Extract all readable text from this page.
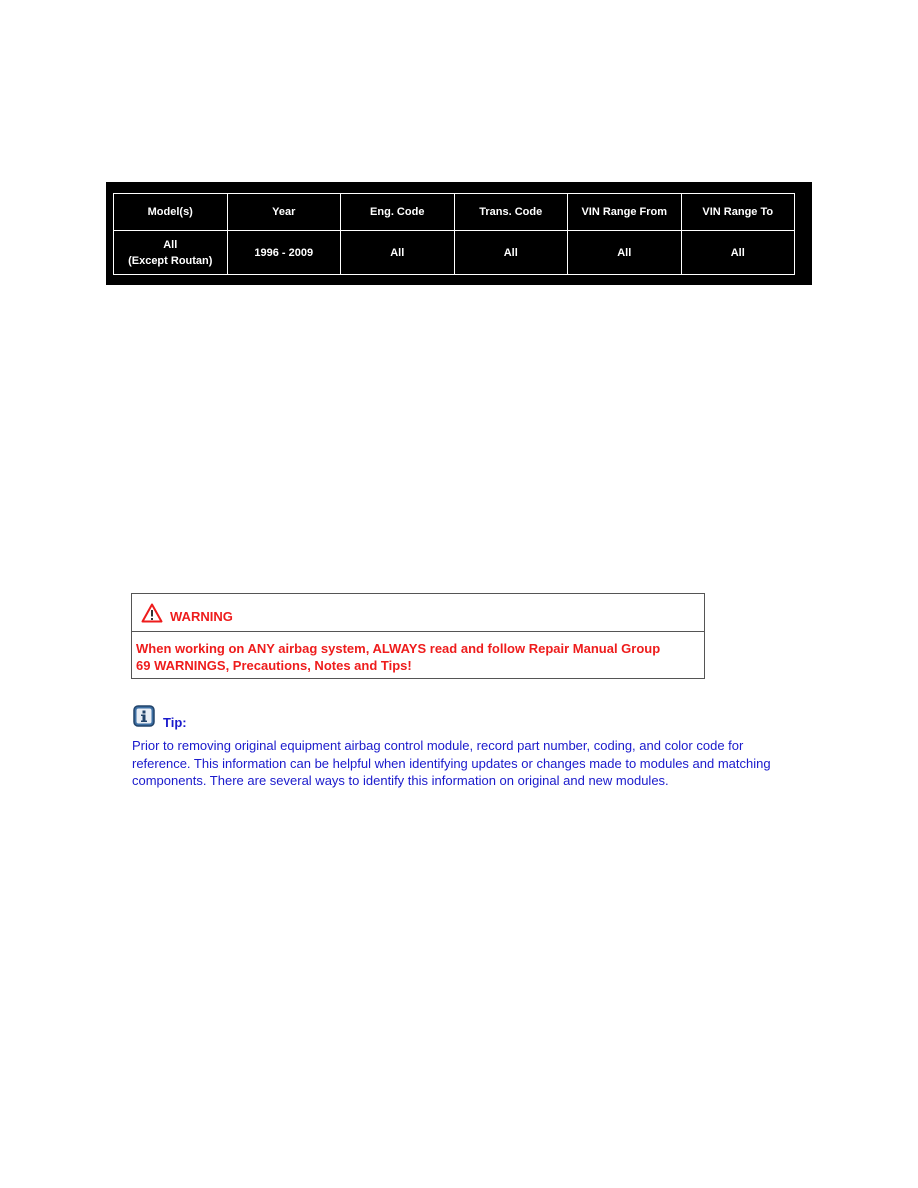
Model(s)	Year	Eng. Code	Trans. Code	VIN Range From	VIN Range To

All
(Except Routan)	1996 - 2009	All	All	All	All
WARNING
When working on ANY airbag system, ALWAYS read and follow Repair Manual Group
69 WARNINGS, Precautions, Notes and Tips!
Tip:
Prior to removing original equipment airbag control module, record part number, coding, and color code for
reference. This information can be helpful when identifying updates or changes made to modules and matching
components. There are several ways to identify this information on original and new modules.
